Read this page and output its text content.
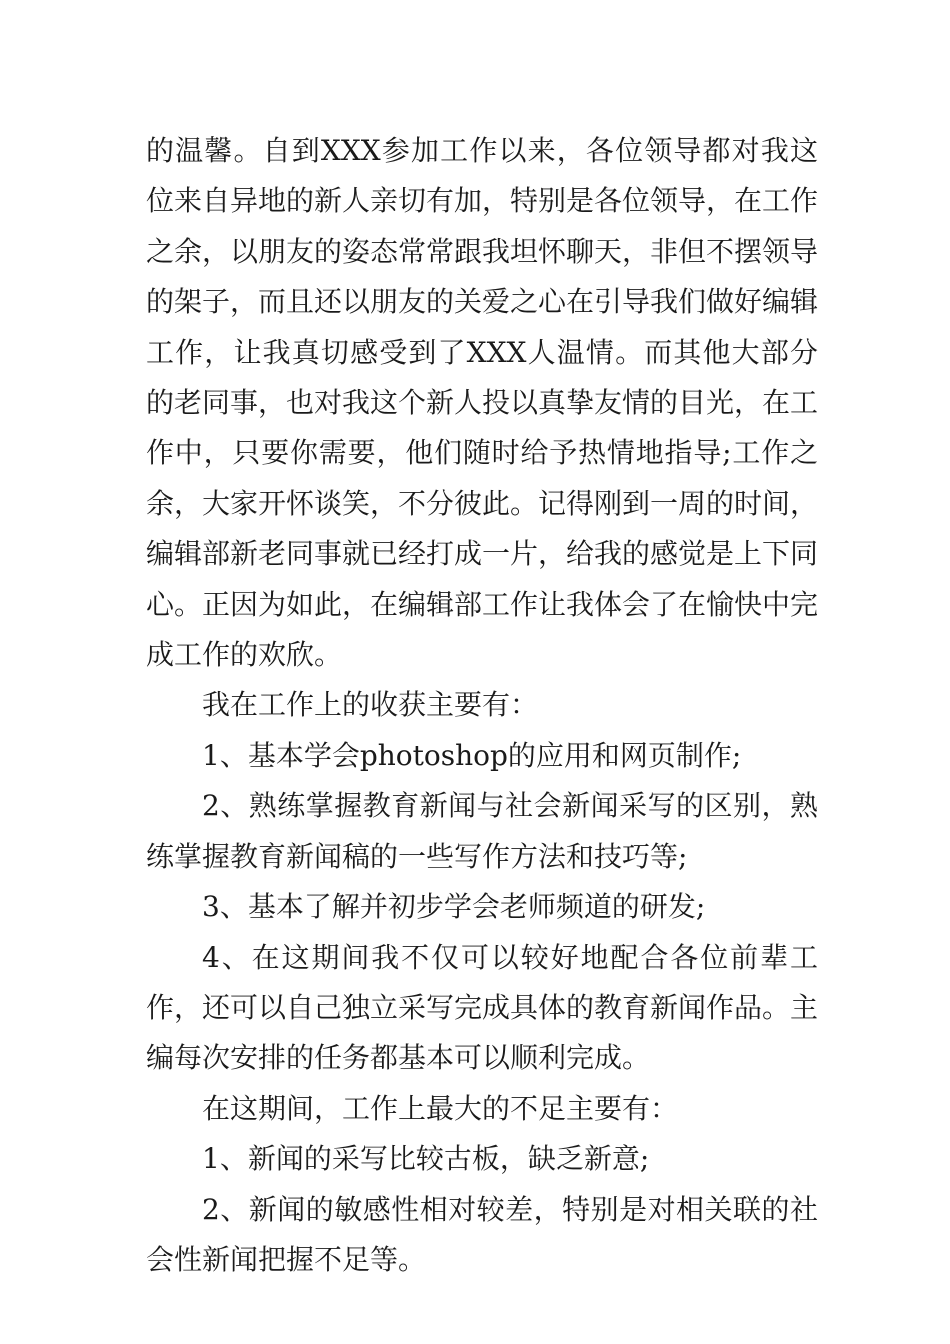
的温馨。自到XXX参加工作以来，各位领导都对我这位来自异地的新人亲切有加，特别是各位领导，在工作之余，以朋友的姿态常常跟我坦怀聊天，非但不摆领导的架子，而且还以朋友的关爱之心在引导我们做好编辑工作，让我真切感受到了XXX人温情。而其他大部分的老同事，也对我这个新人投以真挚友情的目光，在工作中，只要你需要，他们随时给予热情地指导;工作之余，大家开怀谈笑，不分彼此。记得刚到一周的时间，编辑部新老同事就已经打成一片，给我的感觉是上下同心。正因为如此，在编辑部工作让我体会了在愉快中完成工作的欢欣。

我在工作上的收获主要有：

1、基本学会photoshop的应用和网页制作;

2、熟练掌握教育新闻与社会新闻采写的区别，熟练掌握教育新闻稿的一些写作方法和技巧等;

3、基本了解并初步学会老师频道的研发;

4、在这期间我不仅可以较好地配合各位前辈工作，还可以自己独立采写完成具体的教育新闻作品。主编每次安排的任务都基本可以顺利完成。

在这期间，工作上最大的不足主要有：

1、新闻的采写比较古板，缺乏新意;

2、新闻的敏感性相对较差，特别是对相关联的社会性新闻把握不足等。
